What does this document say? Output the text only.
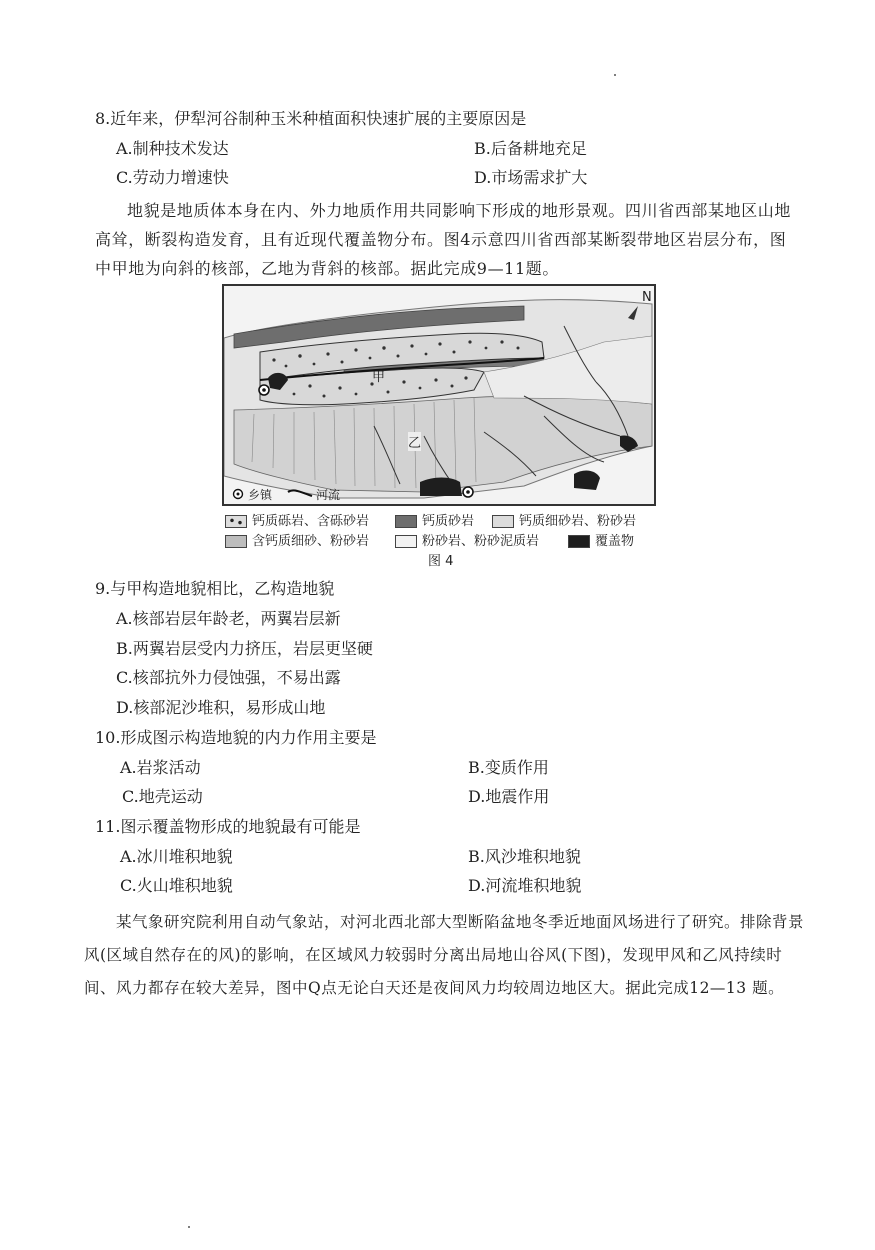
8.近年来，伊犁河谷制种玉米种植面积快速扩展的主要原因是
A.制种技术发达	B.后备耕地充足
C.劳动力增速快	D.市场需求扩大
地貌是地质体本身在内、外力地质作用共同影响下形成的地形景观。四川省西部某地区山地高耸，断裂构造发育，且有近现代覆盖物分布。图4示意四川省西部某断裂带地区岩层分布，图中甲地为向斜的核部，乙地为背斜的核部。据此完成9—11题。
甲
乙
N
乡镇	河流
钙质砾岩、含砾砂岩	钙质砂岩	钙质细砂岩、粉砂岩
含钙质细砂、粉砂岩	粉砂岩、粉砂泥质岩	覆盖物
图 4
9.与甲构造地貌相比，乙构造地貌
A.核部岩层年龄老，两翼岩层新
B.两翼岩层受内力挤压，岩层更坚硬
C.核部抗外力侵蚀强，不易出露
D.核部泥沙堆积，易形成山地
10.形成图示构造地貌的内力作用主要是
A.岩浆活动	B.变质作用
C.地壳运动	D.地震作用
11.图示覆盖物形成的地貌最有可能是
A.冰川堆积地貌	B.风沙堆积地貌
C.火山堆积地貌	D.河流堆积地貌
某气象研究院利用自动气象站，对河北西北部大型断陷盆地冬季近地面风场进行了研究。排除背景风(区域自然存在的风)的影响，在区域风力较弱时分离出局地山谷风(下图)，发现甲风和乙风持续时间、风力都存在较大差异，图中Q点无论白天还是夜间风力均较周边地区大。据此完成12—13 题。
